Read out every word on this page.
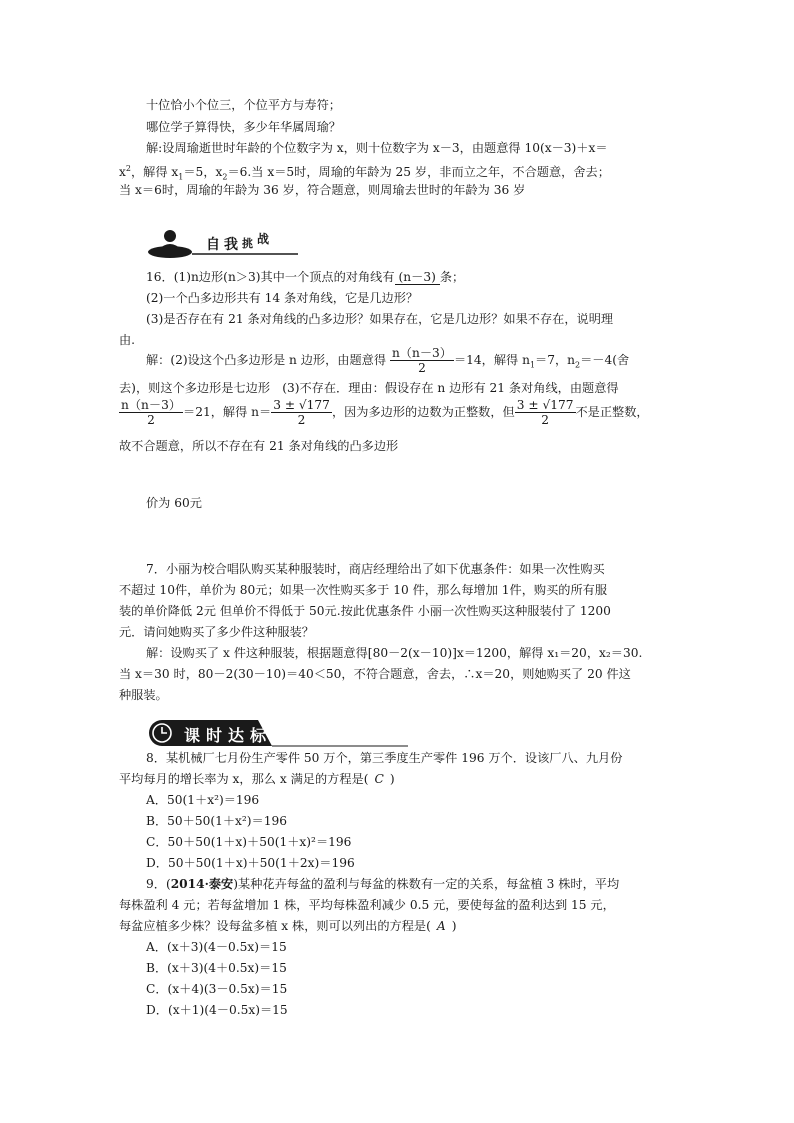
十位恰小个位三，个位平方与寿符；
哪位学子算得快，多少年华属周瑜？
解:设周瑜逝世时年龄的个位数字为 x，则十位数字为 x－3，由题意得 10(x－3)＋x＝
$x^2$，解得 $x_1=5$，$x_2=6$.当 x＝5时，周瑜的年龄为 25 岁，非而立之年，不合题意，舍去；
当 x＝6时，周瑜的年龄为 36 岁，符合题意，则周瑜去世时的年龄为 36 岁
自我挑战
16．(1)n边形(n＞3)其中一个顶点的对角线有 (n－3) 条；
(2)一个凸多边形共有 14 条对角线，它是几边形？
(3)是否存在有 21 条对角线的凸多边形？如果存在，它是几边形？如果不存在，说明理
由.
解：(2)设这个凸多边形是 n 边形，由题意得 $\frac{n(n-3)}{2} =14$，解得 $n_1=7$，$n_2=-4$(舍
去)，则这个多边形是七边形　(3)不存在．理由：假设存在 n 边形有 21 条对角线，由题意得
$\frac{n(n-3)}{2} =21$，解得 $n= \frac{3 \pm √177}{2}$ ，因为多边形的边数为正整数，但 $\frac{3 \pm √177}{2}$ 不是正整数，
故不合题意，所以不存在有 21 条对角线的凸多边形
价为 60元
7．小丽为校合唱队购买某种服装时，商店经理给出了如下优惠条件：如果一次性购买
不超过 10件，单价为 80元；如果一次性购买多于 10 件，那么每增加 1件，购买的所有服
装的单价降低 2元 但单价不得低于 50元.按此优惠条件 小丽一次性购买这种服装付了 1200
元．请问她购买了多少件这种服装？
解：设购买了 x 件这种服装，根据题意得[80－2(x－10)]x＝1200，解得 x₁＝20，x₂＝30.
当 x＝30 时，80－2(30－10)＝40＜50，不符合题意，舍去，∴x＝20，则她购买了 20 件这
种服装。
课时达标
8．某机械厂七月份生产零件 50 万个，第三季度生产零件 196 万个．设该厂八、九月份
平均每月的增长率为 x，那么 x 满足的方程是( C )
A．50(1＋x²)＝196
B．50＋50(1＋x²)＝196
C．50＋50(1＋x)＋50(1＋x)²＝196
D．50＋50(1＋x)＋50(1＋2x)＝196
9．(2014·泰安)某种花卉每盆的盈利与每盆的株数有一定的关系，每盆植 3 株时，平均
每株盈利 4 元；若每盆增加 1 株，平均每株盈利减少 0.5 元，要使每盆的盈利达到 15 元，
每盆应植多少株？设每盆多植 x 株，则可以列出的方程是( A )
A．(x＋3)(4－0.5x)＝15
B．(x＋3)(4＋0.5x)＝15
C．(x＋4)(3－0.5x)＝15
D．(x＋1)(4－0.5x)＝15
